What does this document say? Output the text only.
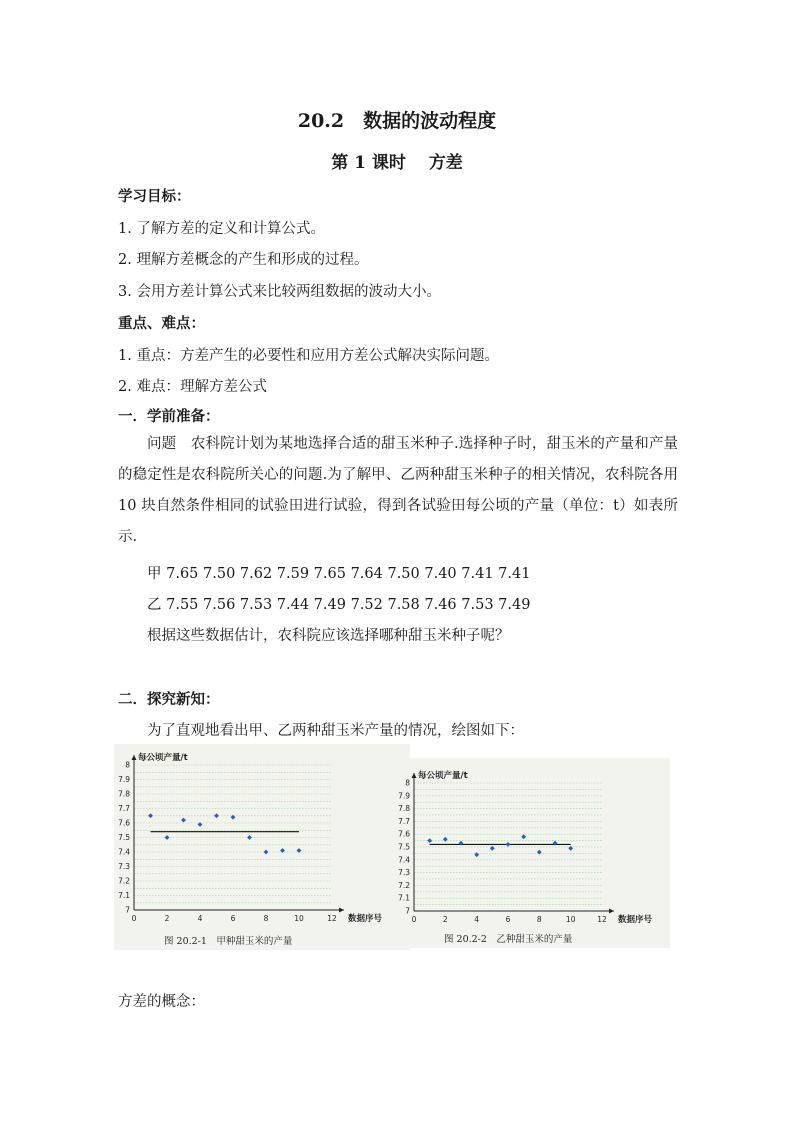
20.2　数据的波动程度
第 1 课时　 方差
学习目标：
1. 了解方差的定义和计算公式。
2. 理解方差概念的产生和形成的过程。
3. 会用方差计算公式来比较两组数据的波动大小。
重点、难点：
1. 重点：方差产生的必要性和应用方差公式解决实际问题。
2. 难点：理解方差公式
一．学前准备：
问题　农科院计划为某地选择合适的甜玉米种子.选择种子时，甜玉米的产量和产量的稳定性是农科院所关心的问题.为了解甲、乙两种甜玉米种子的相关情况，农科院各用 10 块自然条件相同的试验田进行试验，得到各试验田每公顷的产量（单位：t）如表所示.
甲 7.65 7.50 7.62 7.59 7.65 7.64 7.50 7.40 7.41 7.41
乙 7.55 7.56 7.53 7.44 7.49 7.52 7.58 7.46 7.53 7.49
根据这些数据估计，农科院应该选择哪种甜玉米种子呢？
二．探究新知：
为了直观地看出甲、乙两种甜玉米产量的情况，绘图如下：
7
7.1
7.2
7.3
7.4
7.5
7.6
7.7
7.8
7.9
8
0	2	4	6	8	10	12
每公顷产量/t
数据序号
图 20.2-1　甲种甜玉米的产量
7
7.1
7.2
7.3
7.4
7.5
7.6
7.7
7.8
7.9
8
0	2	4	6	8	10	12
每公顷产量/t
数据序号
图 20.2-2　乙种甜玉米的产量
方差的概念：
